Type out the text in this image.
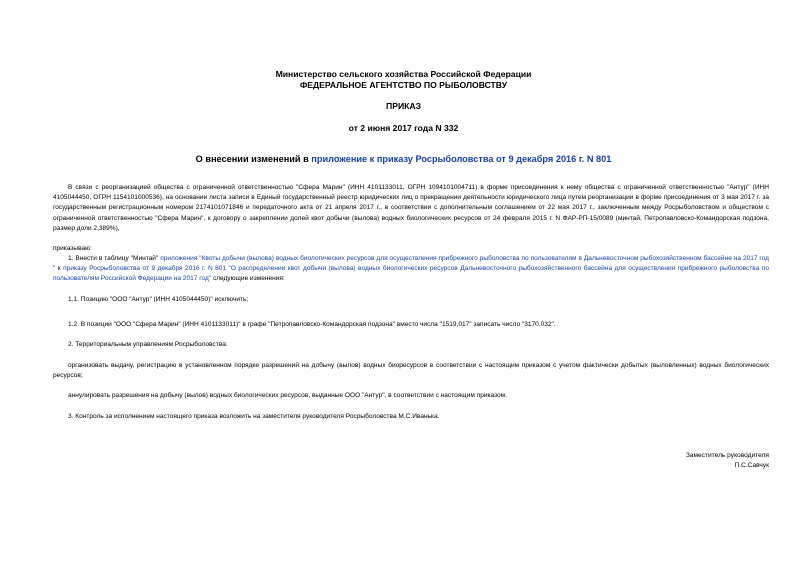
Министерство сельского хозяйства Российской Федерации
ФЕДЕРАЛЬНОЕ АГЕНТСТВО ПО РЫБОЛОВСТВУ
ПРИКАЗ
от 2 июня 2017 года N 332
О внесении изменений в приложение к приказу Росрыболовства от 9 декабря 2016 г. N 801
В связи с реорганизацией общества с ограниченной ответственностью "Сфера Марин" (ИНН 4101133011, ОГРН 1094101004711) в форме присоединения к нему общества с ограниченной ответственностью "Антур" (ИНН 4105044450, ОГРН 1154101000536), на основании листа записи в Единый государственный реестр юридических лиц о прекращении деятельности юридического лица путем реорганизации в форме присоединения от 3 мая 2017 г. за государственным регистрационным номером 2174101071846 и передаточного акта от 21 апреля 2017 г., в соответствии с дополнительным соглашением от 22 мая 2017 г., заключенным между Росрыболовством и обществом с ограниченной ответственностью "Сфера Марин", к договору о закреплении долей квот добычи (вылова) водных биологических ресурсов от 24 февраля 2015 г. N ФАР-РП-15/0089 (минтай, Петропавловско-Командорская подзона, размер доли 2,389%),
приказываю:
1. Внести в таблицу "Минтай" приложения "Квоты добычи (вылова) водных биологических ресурсов для осуществления прибрежного рыболовства по пользователям в Дальневосточном рыбохозяйственном бассейне на 2017 год " к приказу Росрыболовства от 9 декабря 2016 г. N 801 "О распределении квот добычи (вылова) водных биологических ресурсов Дальневосточного рыбохозяйственного бассейна для осуществления прибрежного рыболовства по пользователям Российской Федерации на 2017 год" следующие изменения:
1.1. Позицию "ООО "Антур" (ИНН 4105044450)" исключить;
1.2. В позиции "ООО "Сфера Марин" (ИНН 4101133011)" в графе "Петропавловско-Командорская подзона" вместо числа "1519,017" записать число "3170,032".
2. Территориальным управлениям Росрыболовства:
организовать выдачу, регистрацию в установленном порядке разрешений на добычу (вылов) водных биоресурсов в соответствии с настоящим приказом с учетом фактически добытых (выловленных) водных биологических ресурсов;
аннулировать разрешения на добычу (вылов) водных биологических ресурсов, выданные ООО "Антур", в соответствии с настоящим приказом.
3. Контроль за исполнением настоящего приказа возложить на заместителя руководителя Росрыболовства М.С.Иванька.
Заместитель руководителя
П.С.Савчук
